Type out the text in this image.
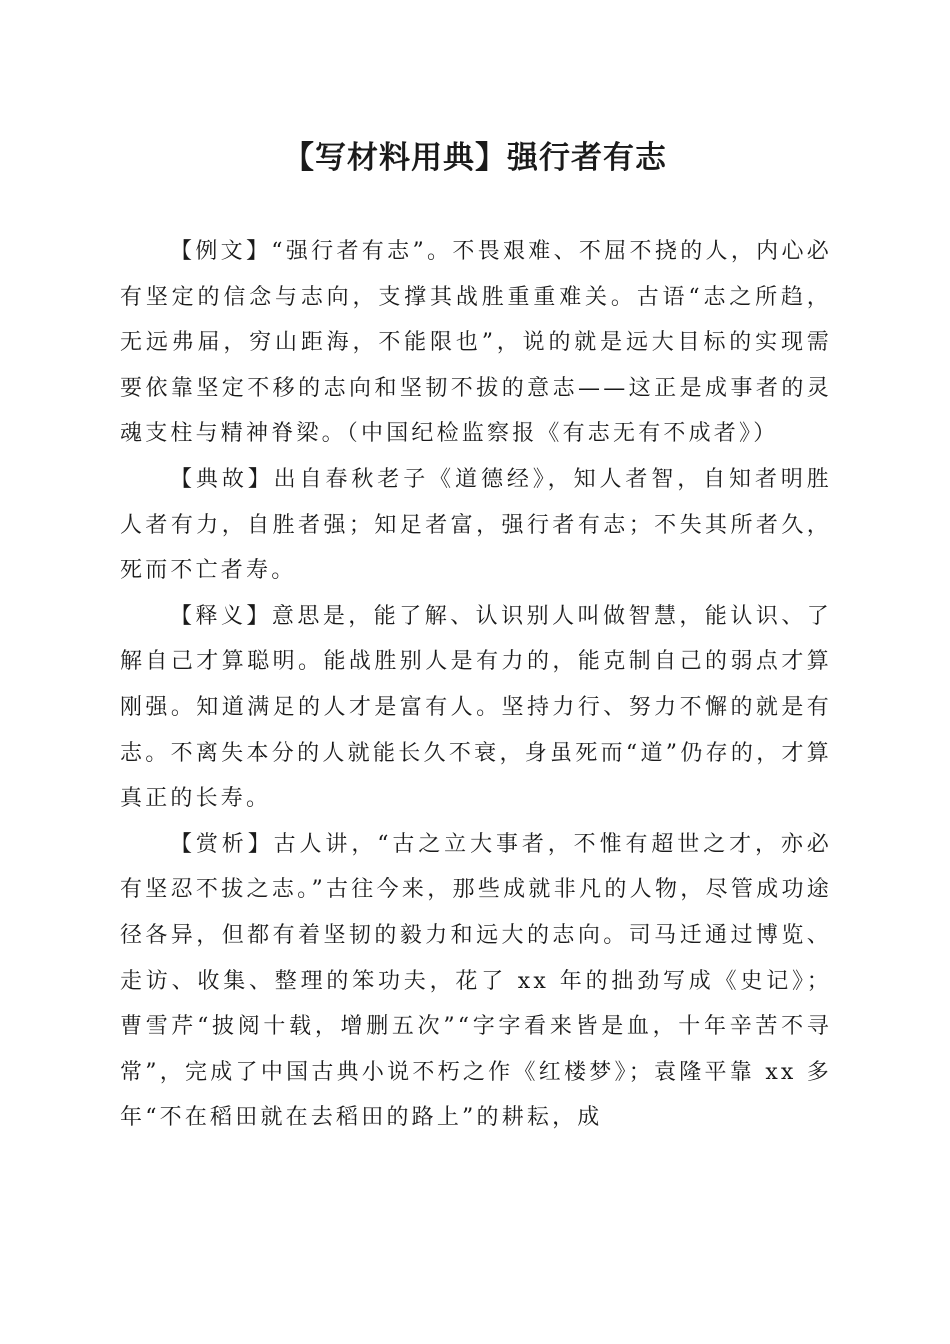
【写材料用典】强行者有志

【例文】“强行者有志”。不畏艰难、不屈不挠的人，内心必有坚定的信念与志向，支撑其战胜重重难关。古语“志之所趋，无远弗届，穷山距海，不能限也”，说的就是远大目标的实现需要依靠坚定不移的志向和坚韧不拔的意志——这正是成事者的灵魂支柱与精神脊梁。（中国纪检监察报《有志无有不成者》）

【典故】出自春秋老子《道德经》，知人者智，自知者明胜人者有力，自胜者强；知足者富，强行者有志；不失其所者久，死而不亡者寿。

【释义】意思是，能了解、认识别人叫做智慧，能认识、了解自己才算聪明。能战胜别人是有力的，能克制自己的弱点才算刚强。知道满足的人才是富有人。坚持力行、努力不懈的就是有志。不离失本分的人就能长久不衰，身虽死而“道”仍存的，才算真正的长寿。

【赏析】古人讲，“古之立大事者，不惟有超世之才，亦必有坚忍不拔之志。”古往今来，那些成就非凡的人物，尽管成功途径各异，但都有着坚韧的毅力和远大的志向。司马迁通过博览、走访、收集、整理的笨功夫，花了 xx 年的拙劲写成《史记》；曹雪芹“披阅十载，增删五次”“字字看来皆是血，十年辛苦不寻常”，完成了中国古典小说不朽之作《红楼梦》；袁隆平靠 xx 多年“不在稻田就在去稻田的路上”的耕耘，成
